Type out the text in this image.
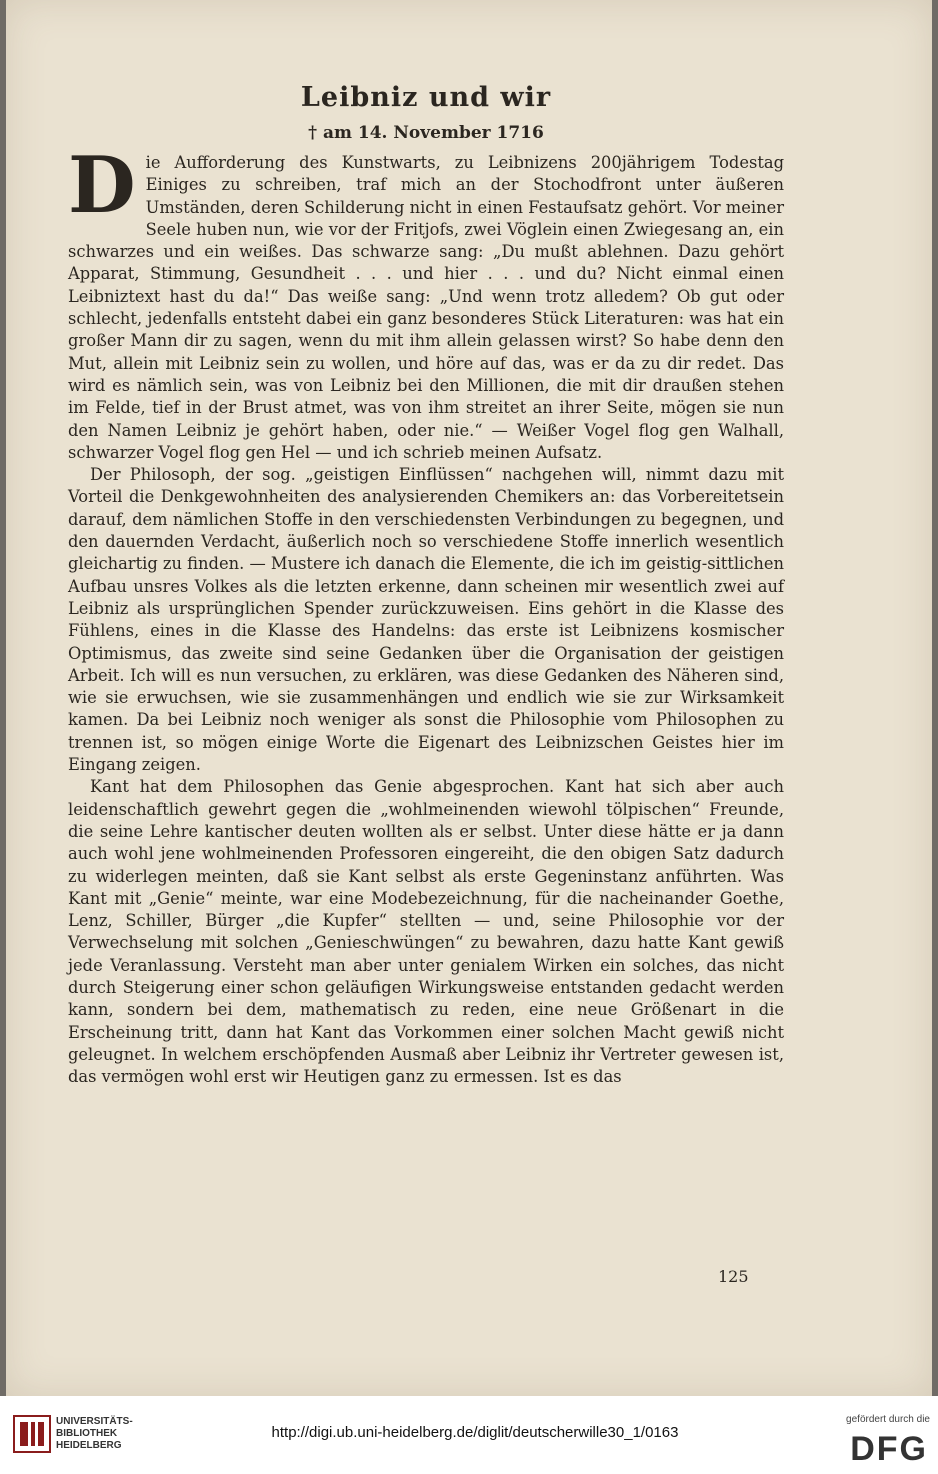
Leibniz und wir
† am 14. November 1716

Die Aufforderung des Kunstwarts, zu Leibnizens 200jährigem Todestag Einiges zu schreiben, traf mich an der Stochodfront unter äußeren Umständen, deren Schilderung nicht in einen Festaufsatz gehört. Vor meiner Seele huben nun, wie vor der Fritjofs, zwei Vöglein einen Zwiegesang an, ein schwarzes und ein weißes. Das schwarze sang: „Du mußt ablehnen. Dazu gehört Apparat, Stimmung, Gesundheit . . . und hier . . . und du? Nicht einmal einen Leibniztext hast du da!“ Das weiße sang: „Und wenn trotz alledem? Ob gut oder schlecht, jedenfalls entsteht dabei ein ganz besonderes Stück Literaturen: was hat ein großer Mann dir zu sagen, wenn du mit ihm allein gelassen wirst? So habe denn den Mut, allein mit Leibniz sein zu wollen, und höre auf das, was er da zu dir redet. Das wird es nämlich sein, was von Leibniz bei den Millionen, die mit dir draußen stehen im Felde, tief in der Brust atmet, was von ihm streitet an ihrer Seite, mögen sie nun den Namen Leibniz je gehört haben, oder nie.“ — Weißer Vogel flog gen Walhall, schwarzer Vogel flog gen Hel — und ich schrieb meinen Aufsatz.

Der Philosoph, der sog. „geistigen Einflüssen“ nachgehen will, nimmt dazu mit Vorteil die Denkgewohnheiten des analysierenden Chemikers an: das Vorbereitetsein darauf, dem nämlichen Stoffe in den verschiedensten Verbindungen zu begegnen, und den dauernden Verdacht, äußerlich noch so verschiedene Stoffe innerlich wesentlich gleichartig zu finden. — Mustere ich danach die Elemente, die ich im geistig-sittlichen Aufbau unsres Volkes als die letzten erkenne, dann scheinen mir wesentlich zwei auf Leibniz als ursprünglichen Spender zurückzuweisen. Eins gehört in die Klasse des Fühlens, eines in die Klasse des Handelns: das erste ist Leibnizens kosmischer Optimismus, das zweite sind seine Gedanken über die Organisation der geistigen Arbeit. Ich will es nun versuchen, zu erklären, was diese Gedanken des Näheren sind, wie sie erwuchsen, wie sie zusammenhängen und endlich wie sie zur Wirksamkeit kamen. Da bei Leibniz noch weniger als sonst die Philosophie vom Philosophen zu trennen ist, so mögen einige Worte die Eigenart des Leibnizschen Geistes hier im Eingang zeigen.

Kant hat dem Philosophen das Genie abgesprochen. Kant hat sich aber auch leidenschaftlich gewehrt gegen die „wohlmeinenden wiewohl tölpischen“ Freunde, die seine Lehre kantischer deuten wollten als er selbst. Unter diese hätte er ja dann auch wohl jene wohlmeinenden Professoren eingereiht, die den obigen Satz dadurch zu widerlegen meinten, daß sie Kant selbst als erste Gegeninstanz anführten. Was Kant mit „Genie“ meinte, war eine Modebezeichnung, für die nacheinander Goethe, Lenz, Schiller, Bürger „die Kupfer“ stellten — und, seine Philosophie vor der Verwechselung mit solchen „Genieschwüngen“ zu bewahren, dazu hatte Kant gewiß jede Veranlassung. Versteht man aber unter genialem Wirken ein solches, das nicht durch Steigerung einer schon geläufigen Wirkungsweise entstanden gedacht werden kann, sondern bei dem, mathematisch zu reden, eine neue Größenart in die Erscheinung tritt, dann hat Kant das Vorkommen einer solchen Macht gewiß nicht geleugnet. In welchem erschöpfenden Ausmaß aber Leibniz ihr Vertreter gewesen ist, das vermögen wohl erst wir Heutigen ganz zu ermessen. Ist es das

125
UNIVERSITÄTS-
BIBLIOTHEK
HEIDELBERG
http://digi.ub.uni-heidelberg.de/diglit/deutscherwille30_1/0163
gefördert durch die
DFG
